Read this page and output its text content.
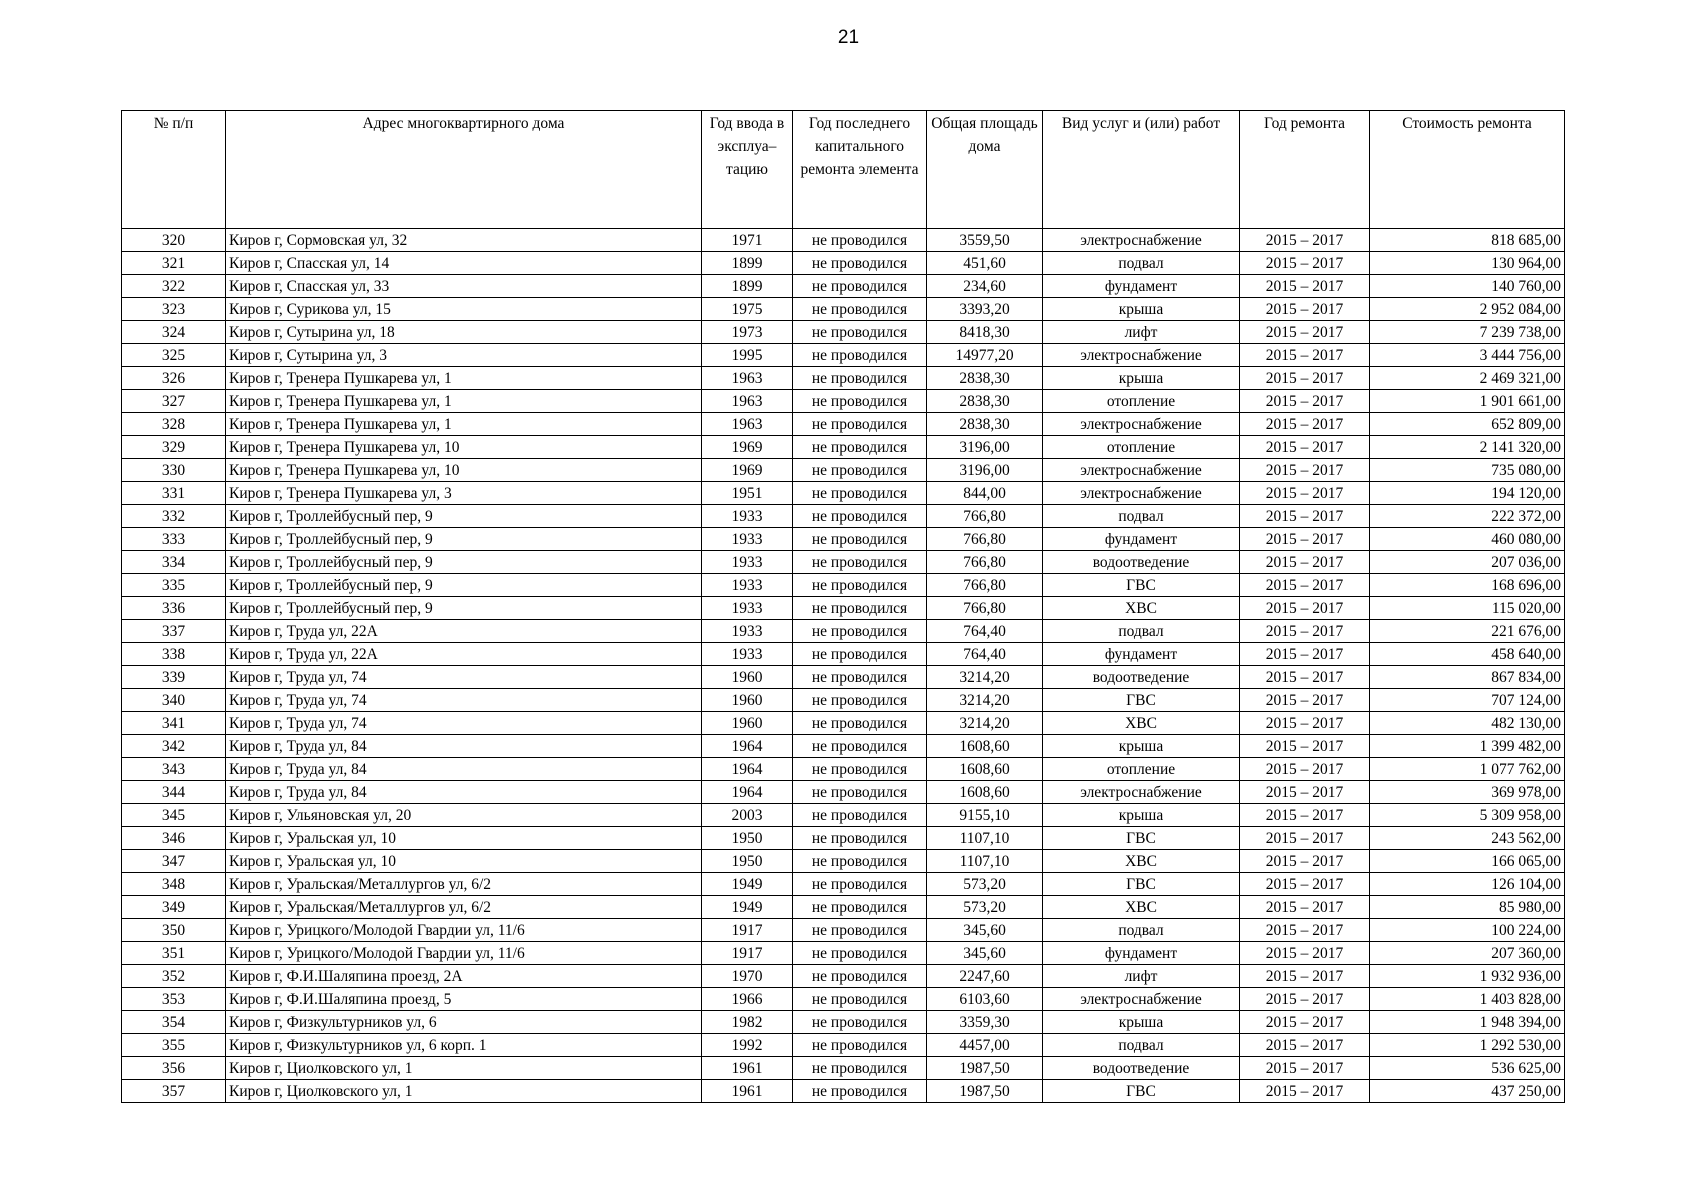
21
№ п/п	Адрес многоквартирного дома	Год ввода в эксплуа– тацию	Год последнего капитального ремонта элемента	Общая площадь дома	Вид услуг и (или) работ	Год ремонта	Стоимость ремонта
320	Киров г, Сормовская ул, 32	1971	не проводился	3559,50	электроснабжение	2015 – 2017	818 685,00
321	Киров г, Спасская ул, 14	1899	не проводился	451,60	подвал	2015 – 2017	130 964,00
322	Киров г, Спасская ул, 33	1899	не проводился	234,60	фундамент	2015 – 2017	140 760,00
323	Киров г, Сурикова ул, 15	1975	не проводился	3393,20	крыша	2015 – 2017	2 952 084,00
324	Киров г, Сутырина ул, 18	1973	не проводился	8418,30	лифт	2015 – 2017	7 239 738,00
325	Киров г, Сутырина ул, 3	1995	не проводился	14977,20	электроснабжение	2015 – 2017	3 444 756,00
326	Киров г, Тренера Пушкарева ул, 1	1963	не проводился	2838,30	крыша	2015 – 2017	2 469 321,00
327	Киров г, Тренера Пушкарева ул, 1	1963	не проводился	2838,30	отопление	2015 – 2017	1 901 661,00
328	Киров г, Тренера Пушкарева ул, 1	1963	не проводился	2838,30	электроснабжение	2015 – 2017	652 809,00
329	Киров г, Тренера Пушкарева ул, 10	1969	не проводился	3196,00	отопление	2015 – 2017	2 141 320,00
330	Киров г, Тренера Пушкарева ул, 10	1969	не проводился	3196,00	электроснабжение	2015 – 2017	735 080,00
331	Киров г, Тренера Пушкарева ул, 3	1951	не проводился	844,00	электроснабжение	2015 – 2017	194 120,00
332	Киров г, Троллейбусный пер, 9	1933	не проводился	766,80	подвал	2015 – 2017	222 372,00
333	Киров г, Троллейбусный пер, 9	1933	не проводился	766,80	фундамент	2015 – 2017	460 080,00
334	Киров г, Троллейбусный пер, 9	1933	не проводился	766,80	водоотведение	2015 – 2017	207 036,00
335	Киров г, Троллейбусный пер, 9	1933	не проводился	766,80	ГВС	2015 – 2017	168 696,00
336	Киров г, Троллейбусный пер, 9	1933	не проводился	766,80	ХВС	2015 – 2017	115 020,00
337	Киров г, Труда ул, 22А	1933	не проводился	764,40	подвал	2015 – 2017	221 676,00
338	Киров г, Труда ул, 22А	1933	не проводился	764,40	фундамент	2015 – 2017	458 640,00
339	Киров г, Труда ул, 74	1960	не проводился	3214,20	водоотведение	2015 – 2017	867 834,00
340	Киров г, Труда ул, 74	1960	не проводился	3214,20	ГВС	2015 – 2017	707 124,00
341	Киров г, Труда ул, 74	1960	не проводился	3214,20	ХВС	2015 – 2017	482 130,00
342	Киров г, Труда ул, 84	1964	не проводился	1608,60	крыша	2015 – 2017	1 399 482,00
343	Киров г, Труда ул, 84	1964	не проводился	1608,60	отопление	2015 – 2017	1 077 762,00
344	Киров г, Труда ул, 84	1964	не проводился	1608,60	электроснабжение	2015 – 2017	369 978,00
345	Киров г, Ульяновская ул, 20	2003	не проводился	9155,10	крыша	2015 – 2017	5 309 958,00
346	Киров г, Уральская ул, 10	1950	не проводился	1107,10	ГВС	2015 – 2017	243 562,00
347	Киров г, Уральская ул, 10	1950	не проводился	1107,10	ХВС	2015 – 2017	166 065,00
348	Киров г, Уральская/Металлургов ул, 6/2	1949	не проводился	573,20	ГВС	2015 – 2017	126 104,00
349	Киров г, Уральская/Металлургов ул, 6/2	1949	не проводился	573,20	ХВС	2015 – 2017	85 980,00
350	Киров г, Урицкого/Молодой Гвардии ул, 11/6	1917	не проводился	345,60	подвал	2015 – 2017	100 224,00
351	Киров г, Урицкого/Молодой Гвардии ул, 11/6	1917	не проводился	345,60	фундамент	2015 – 2017	207 360,00
352	Киров г, Ф.И.Шаляпина проезд, 2А	1970	не проводился	2247,60	лифт	2015 – 2017	1 932 936,00
353	Киров г, Ф.И.Шаляпина проезд, 5	1966	не проводился	6103,60	электроснабжение	2015 – 2017	1 403 828,00
354	Киров г, Физкультурников ул, 6	1982	не проводился	3359,30	крыша	2015 – 2017	1 948 394,00
355	Киров г, Физкультурников ул, 6 корп. 1	1992	не проводился	4457,00	подвал	2015 – 2017	1 292 530,00
356	Киров г, Циолковского ул, 1	1961	не проводился	1987,50	водоотведение	2015 – 2017	536 625,00
357	Киров г, Циолковского ул, 1	1961	не проводился	1987,50	ГВС	2015 – 2017	437 250,00
